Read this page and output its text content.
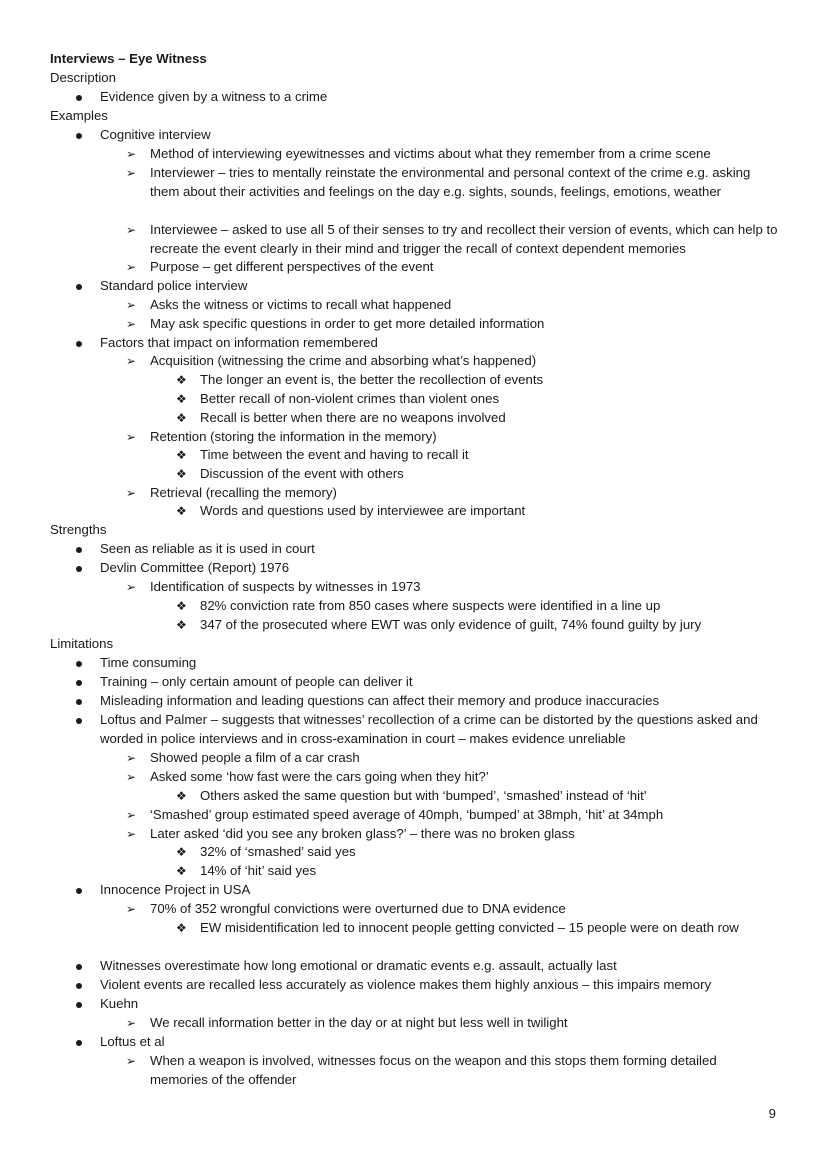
Interviews – Eye Witness
Description
Evidence given by a witness to a crime
Examples
Cognitive interview
➢ Method of interviewing eyewitnesses and victims about what they remember from a crime scene
➢ Interviewer – tries to mentally reinstate the environmental and personal context of the crime e.g. asking them about their activities and feelings on the day e.g. sights, sounds, feelings, emotions, weather
➢ Interviewee – asked to use all 5 of their senses to try and recollect their version of events, which can help to recreate the event clearly in their mind and trigger the recall of context dependent memories
➢ Purpose – get different perspectives of the event
Standard police interview
➢ Asks the witness or victims to recall what happened
➢ May ask specific questions in order to get more detailed information
Factors that impact on information remembered
➢ Acquisition (witnessing the crime and absorbing what’s happened)
❖ The longer an event is, the better the recollection of events
❖ Better recall of non-violent crimes than violent ones
❖ Recall is better when there are no weapons involved
➢ Retention (storing the information in the memory)
❖ Time between the event and having to recall it
❖ Discussion of the event with others
➢ Retrieval (recalling the memory)
❖ Words and questions used by interviewee are important
Strengths
Seen as reliable as it is used in court
Devlin Committee (Report) 1976
➢ Identification of suspects by witnesses in 1973
❖ 82% conviction rate from 850 cases where suspects were identified in a line up
❖ 347 of the prosecuted where EWT was only evidence of guilt, 74% found guilty by jury
Limitations
Time consuming
Training – only certain amount of people can deliver it
Misleading information and leading questions can affect their memory and produce inaccuracies
Loftus and Palmer – suggests that witnesses’ recollection of a crime can be distorted by the questions asked and worded in police interviews and in cross-examination in court – makes evidence unreliable
➢ Showed people a film of a car crash
➢ Asked some ‘how fast were the cars going when they hit?’
❖ Others asked the same question but with ‘bumped’, ‘smashed’ instead of ‘hit’
➢ ‘Smashed’ group estimated speed average of 40mph, ‘bumped’ at 38mph, ‘hit’ at 34mph
➢ Later asked ‘did you see any broken glass?’ – there was no broken glass
❖ 32% of ‘smashed’ said yes
❖ 14% of ‘hit’ said yes
Innocence Project in USA
➢ 70% of 352 wrongful convictions were overturned due to DNA evidence
❖ EW misidentification led to innocent people getting convicted – 15 people were on death row
Witnesses overestimate how long emotional or dramatic events e.g. assault, actually last
Violent events are recalled less accurately as violence makes them highly anxious – this impairs memory
Kuehn
➢ We recall information better in the day or at night but less well in twilight
Loftus et al
➢ When a weapon is involved, witnesses focus on the weapon and this stops them forming detailed memories of the offender
9
